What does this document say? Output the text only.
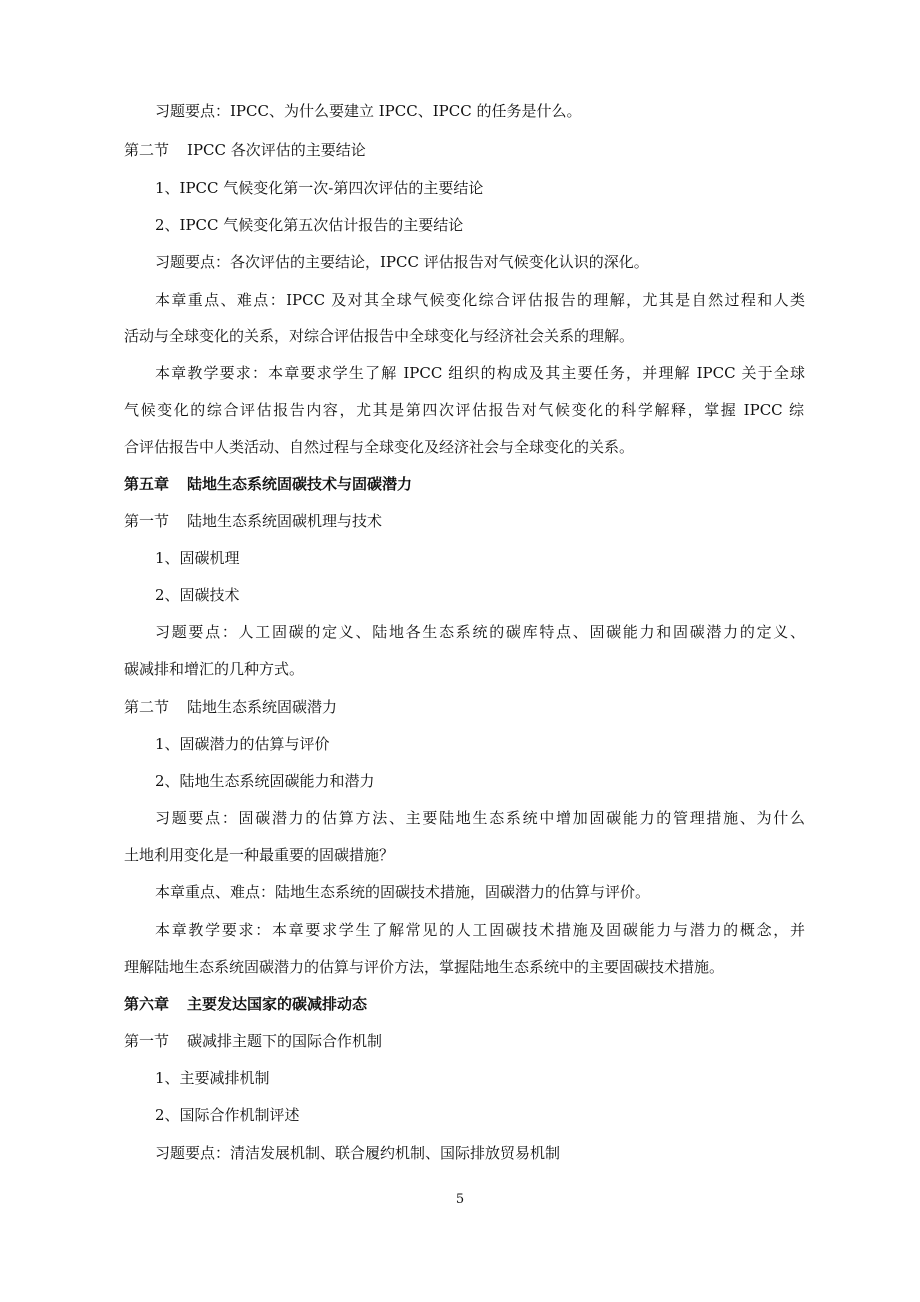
习题要点：IPCC、为什么要建立 IPCC、IPCC 的任务是什么。
第二节 IPCC 各次评估的主要结论
1、IPCC 气候变化第一次-第四次评估的主要结论
2、IPCC 气候变化第五次估计报告的主要结论
习题要点：各次评估的主要结论，IPCC 评估报告对气候变化认识的深化。
本章重点、难点：IPCC 及对其全球气候变化综合评估报告的理解，尤其是自然过程和人类
活动与全球变化的关系，对综合评估报告中全球变化与经济社会关系的理解。
本章教学要求：本章要求学生了解 IPCC 组织的构成及其主要任务，并理解 IPCC 关于全球
气候变化的综合评估报告内容，尤其是第四次评估报告对气候变化的科学解释，掌握 IPCC 综
合评估报告中人类活动、自然过程与全球变化及经济社会与全球变化的关系。
第五章 陆地生态系统固碳技术与固碳潜力
第一节 陆地生态系统固碳机理与技术
1、固碳机理
2、固碳技术
习题要点：人工固碳的定义、陆地各生态系统的碳库特点、固碳能力和固碳潜力的定义、
碳减排和增汇的几种方式。
第二节 陆地生态系统固碳潜力
1、固碳潜力的估算与评价
2、陆地生态系统固碳能力和潜力
习题要点：固碳潜力的估算方法、主要陆地生态系统中增加固碳能力的管理措施、为什么
土地利用变化是一种最重要的固碳措施？
本章重点、难点：陆地生态系统的固碳技术措施，固碳潜力的估算与评价。
本章教学要求：本章要求学生了解常见的人工固碳技术措施及固碳能力与潜力的概念，并
理解陆地生态系统固碳潜力的估算与评价方法，掌握陆地生态系统中的主要固碳技术措施。
第六章 主要发达国家的碳减排动态
第一节 碳减排主题下的国际合作机制
1、主要减排机制
2、国际合作机制评述
习题要点：清洁发展机制、联合履约机制、国际排放贸易机制
5
